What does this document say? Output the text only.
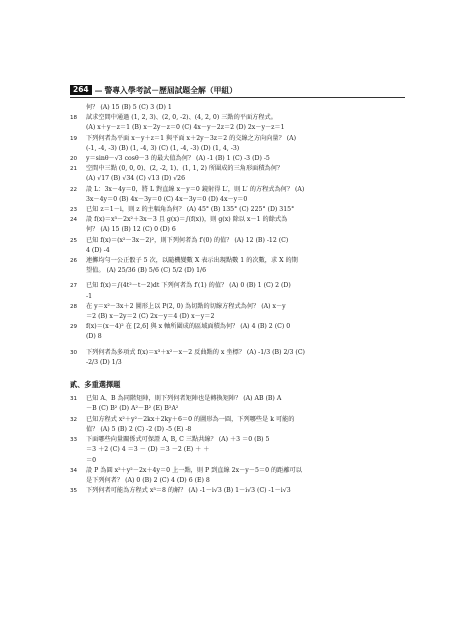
264 — 警專入學考試－歷屆試題全解（甲組）
何？ (A) 15 (B) 5 (C) 3 (D) 1
18	試求空間中通過 (1, 2, 3)、(2, 0, -2)、(4, 2, 0) 三點的平面方程式。
(A) x＋y－z＝1 (B) x－2y－z＝0 (C) 4x－y－2z＝2 (D) 2x－y－z＝1
19	下列何者為平面 x－y＋z＝1 與平面 x＋2y－3z＝2 的交線之方向向量？ (A)
(-1, -4, -3) (B) (1, -4, 3) (C) (1, -4, -3) (D) (1, 4, -3)
20	y＝sinθ－√3 cosθ－3 的最大值為何？ (A) -1 (B) 1 (C) -3 (D) -5
21	空間中三點 (0, 0, 0)、(2, -2, 1)、(1, 1, 2) 所圍成的三角形面積為何？
(A) √17 (B) √34 (C) √13 (D) √26
22	設 L：3x－4y＝0，將 L 對直線 x－y＝0 鏡射得 L′，則 L′ 的方程式為何？ (A)
3x－4y＝0 (B) 4x－3y＝0 (C) 4x－3y＝0 (D) 4x－y＝0
23	已知 z＝1－i，則 z 的主幅角為何？ (A) 45° (B) 135° (C) 225° (D) 315°
24	設 f(x)＝x³－2x²＋3x－3 且 g(x)＝∫(f(x))，則 g(x) 除以 x－1 的餘式為
何？ (A) 15 (B) 12 (C) 0 (D) 6
25	已知 f(x)＝(x²－3x－2)²，則下列何者為 f′(0) 的值？ (A) 12 (B) -12 (C)
4 (D) -4
26	連擲均勻一公正骰子 5 次，以隨機變數 X 表示出現點數 1 的次數，求 X 的期
望值。 (A) 25/36 (B) 5/6 (C) 5/2 (D) 1/6
27	已知 f(x)＝∫(4t²－t－2)dt 下列何者為 f′(1) 的值？ (A) 0 (B) 1 (C) 2 (D)
-1
28	在 y＝x²－3x＋2 圖形上以 P(2, 0) 為切點的切線方程式為何？ (A) x－y
＝2 (B) x－2y＝2 (C) 2x－y＝4 (D) x－y＝2
29	f(x)＝(x－4)² 在 [2,6] 與 x 軸所圍成的區域面積為何？ (A) 4 (B) 2 (C) 0
(D) 8
30	下列何者為多項式 f(x)＝x³＋x²－x－2 反曲點的 x 坐標？ (A) -1/3 (B) 2/3 (C)
-2/3 (D) 1/3
貳、多重選擇題
31	已知 A、B 為同階矩陣，則下列何者矩陣也是轉換矩陣？ (A) AB (B) A
－B (C) B² (D) A²－B² (E) B²A²
32	已知方程式 x²＋y²－2kx＋2ky＋6＝0 的圖形為一圓，下列哪些是 k 可能的
值？ (A) 5 (B) 2 (C) -2 (D) -5 (E) -8
33	下面哪些向量關係式可保證 A, B, C 三點共線？ (A) ＋3 ＝0 (B) 5
＝3 ＋2 (C) 4 ＝3 － (D) ＝3 －2 (E) ＋ ＋
＝0
34	設 P 為圓 x²＋y²－2x＋4y＝0 上一點，則 P 到直線 2x－y－5＝0 的距離可以
是下列何者？ (A) 0 (B) 2 (C) 4 (D) 6 (E) 8
35	下列何者可能為方程式 x³＝8 的解？ (A) -1－i√3 (B) 1－i√3 (C) -1－i√3
